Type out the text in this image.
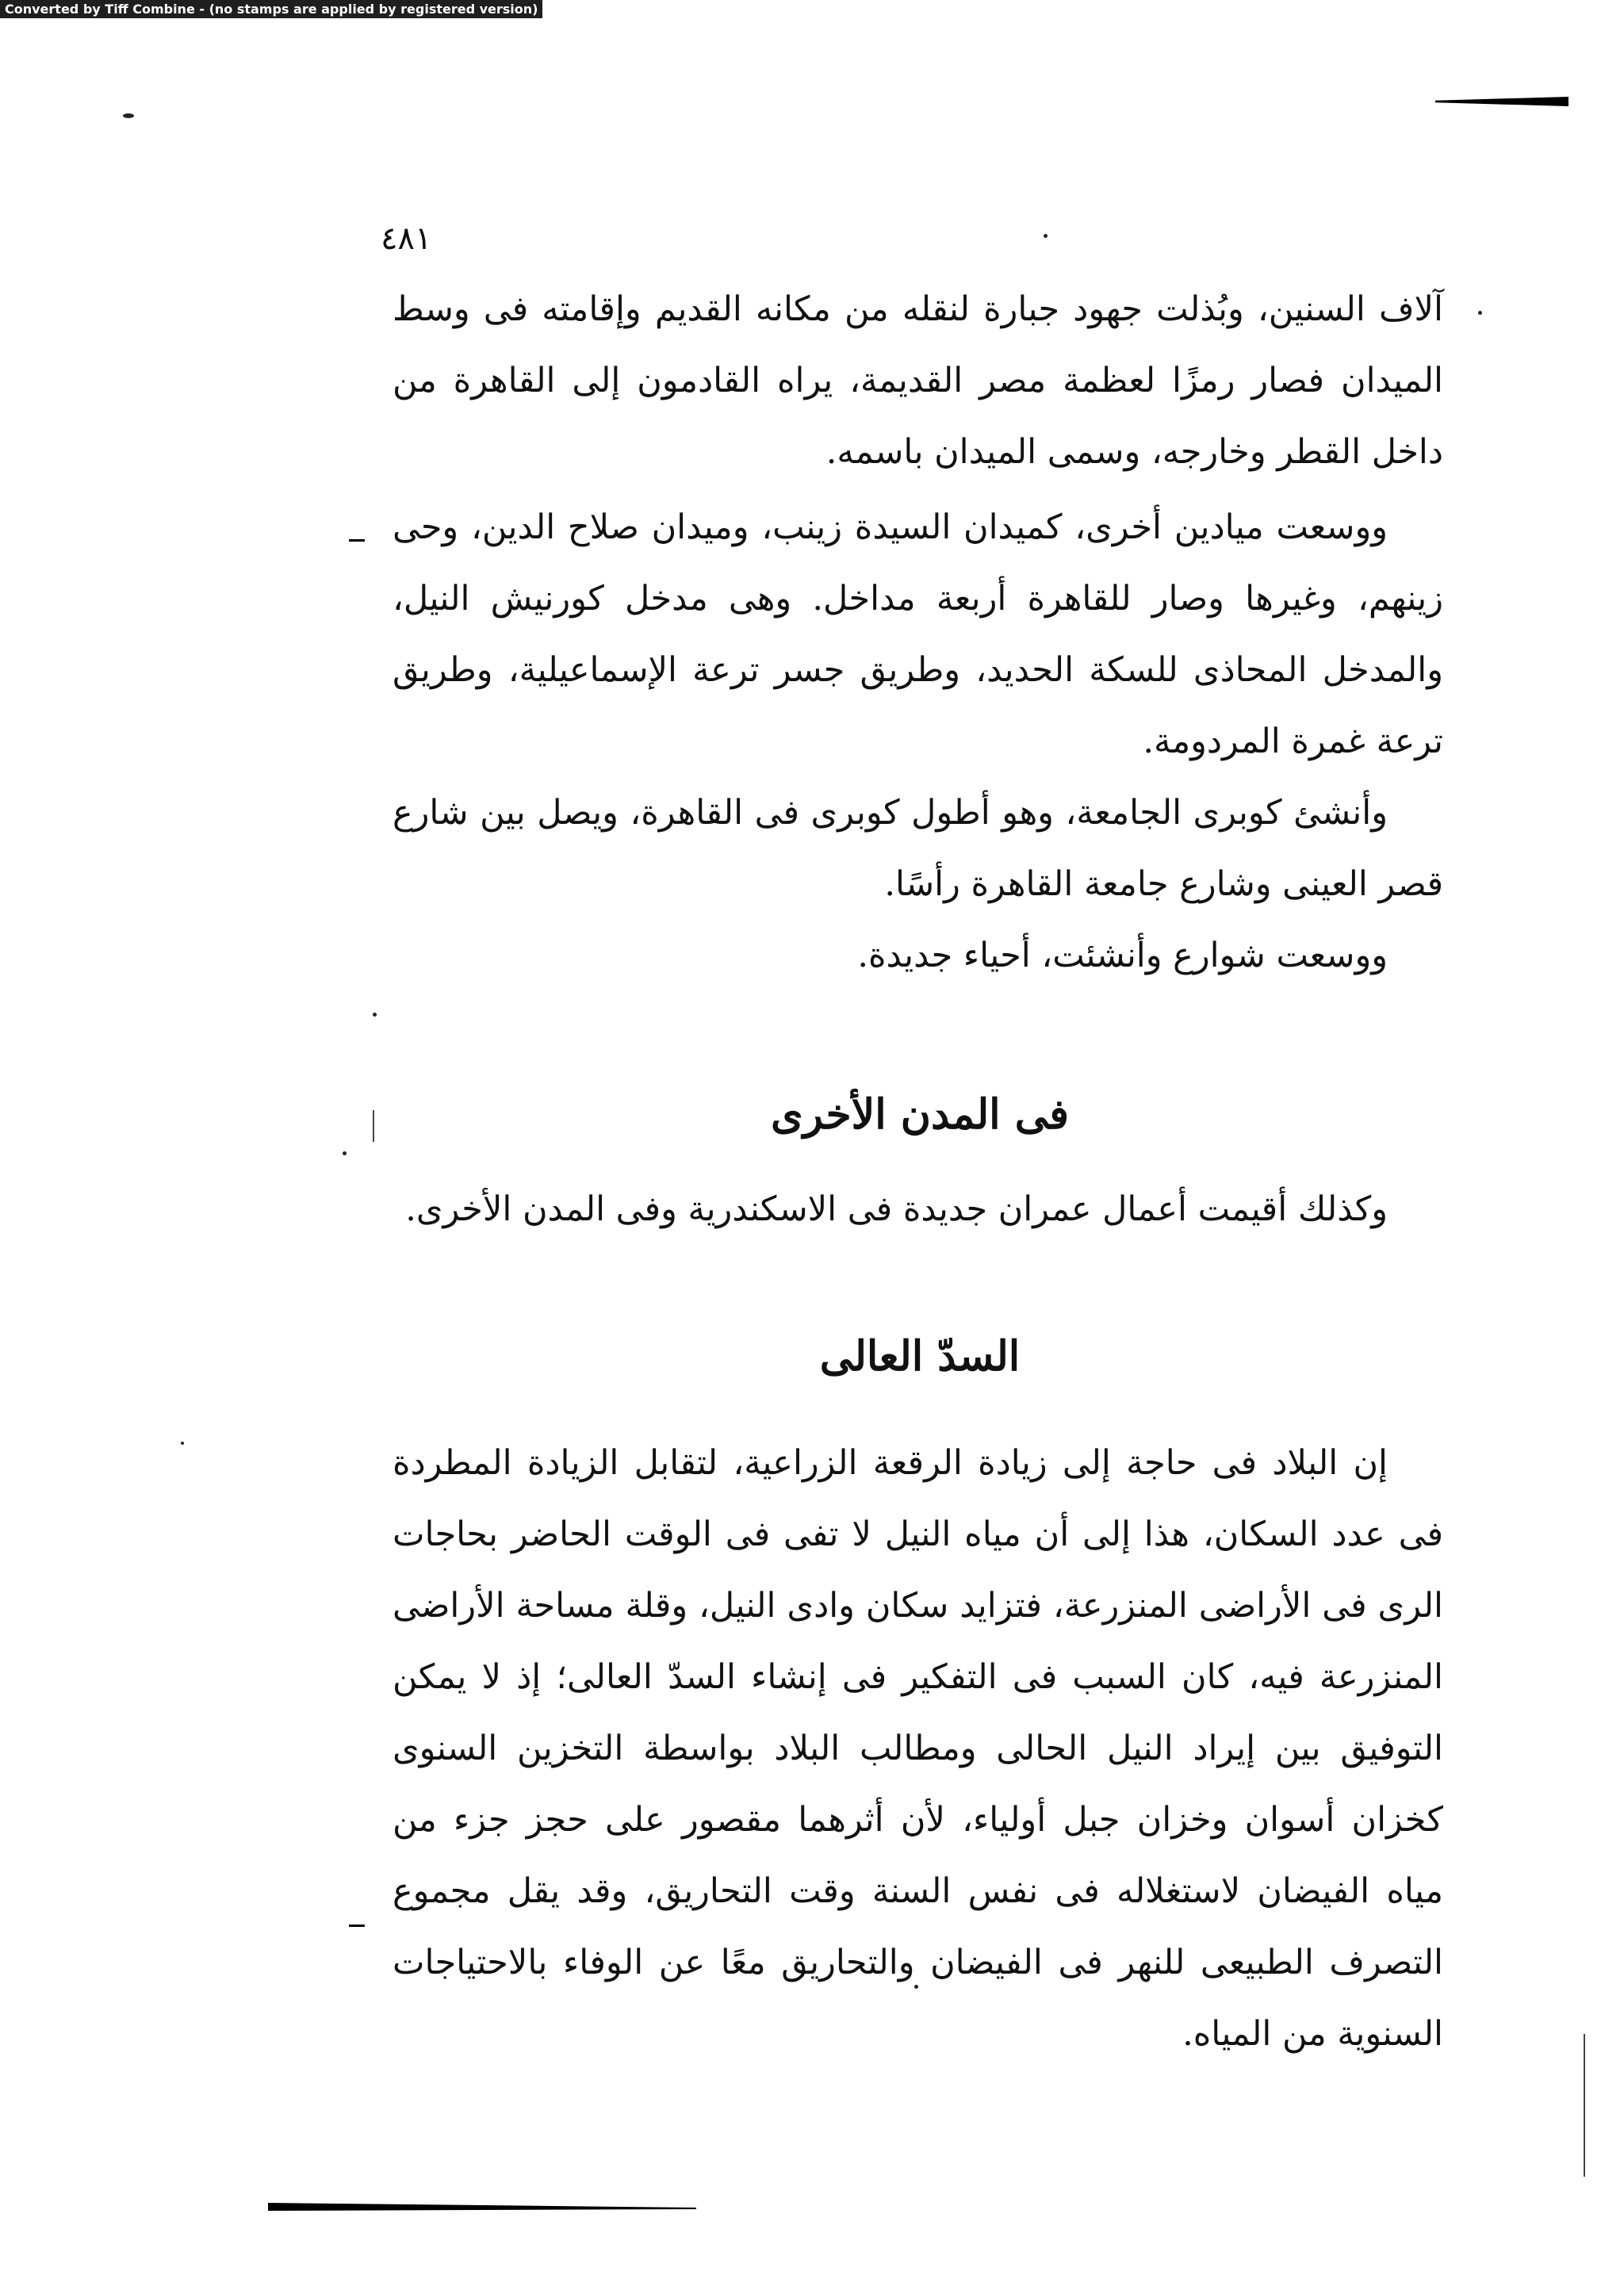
Converted by Tiff Combine - (no stamps are applied by registered version)
٤٨١

آلاف السنين، وبُذلت جهود جبارة لنقله من مكانه القديم وإقامته فى وسط الميدان فصار رمزًا لعظمة مصر القديمة، يراه القادمون إلى القاهرة من داخل القطر وخارجه، وسمى الميدان باسمه.

ووسعت ميادين أخرى، كميدان السيدة زينب، وميدان صلاح الدين، وحى زينهم، وغيرها وصار للقاهرة أربعة مداخل. وهى مدخل كورنيش النيل، والمدخل المحاذى للسكة الحديد، وطريق جسر ترعة الإسماعيلية، وطريق ترعة غمرة المردومة.

وأنشئ كوبرى الجامعة، وهو أطول كوبرى فى القاهرة، ويصل بين شارع قصر العينى وشارع جامعة القاهرة رأسًا.

ووسعت شوارع وأنشئت، أحياء جديدة.

فى المدن الأخرى

وكذلك أقيمت أعمال عمران جديدة فى الاسكندرية وفى المدن الأخرى.

السدّ العالى

إن البلاد فى حاجة إلى زيادة الرقعة الزراعية، لتقابل الزيادة المطردة فى عدد السكان، هذا إلى أن مياه النيل لا تفى فى الوقت الحاضر بحاجات الرى فى الأراضى المنزرعة، فتزايد سكان وادى النيل، وقلة مساحة الأراضى المنزرعة فيه، كان السبب فى التفكير فى إنشاء السدّ العالى؛ إذ لا يمكن التوفيق بين إيراد النيل الحالى ومطالب البلاد بواسطة التخزين السنوى كخزان أسوان وخزان جبل أولياء، لأن أثرهما مقصور على حجز جزء من مياه الفيضان لاستغلاله فى نفس السنة وقت التحاريق، وقد يقل مجموع التصرف الطبيعى للنهر فى الفيضان والتحاريق معًا عن الوفاء بالاحتياجات السنوية من المياه.
